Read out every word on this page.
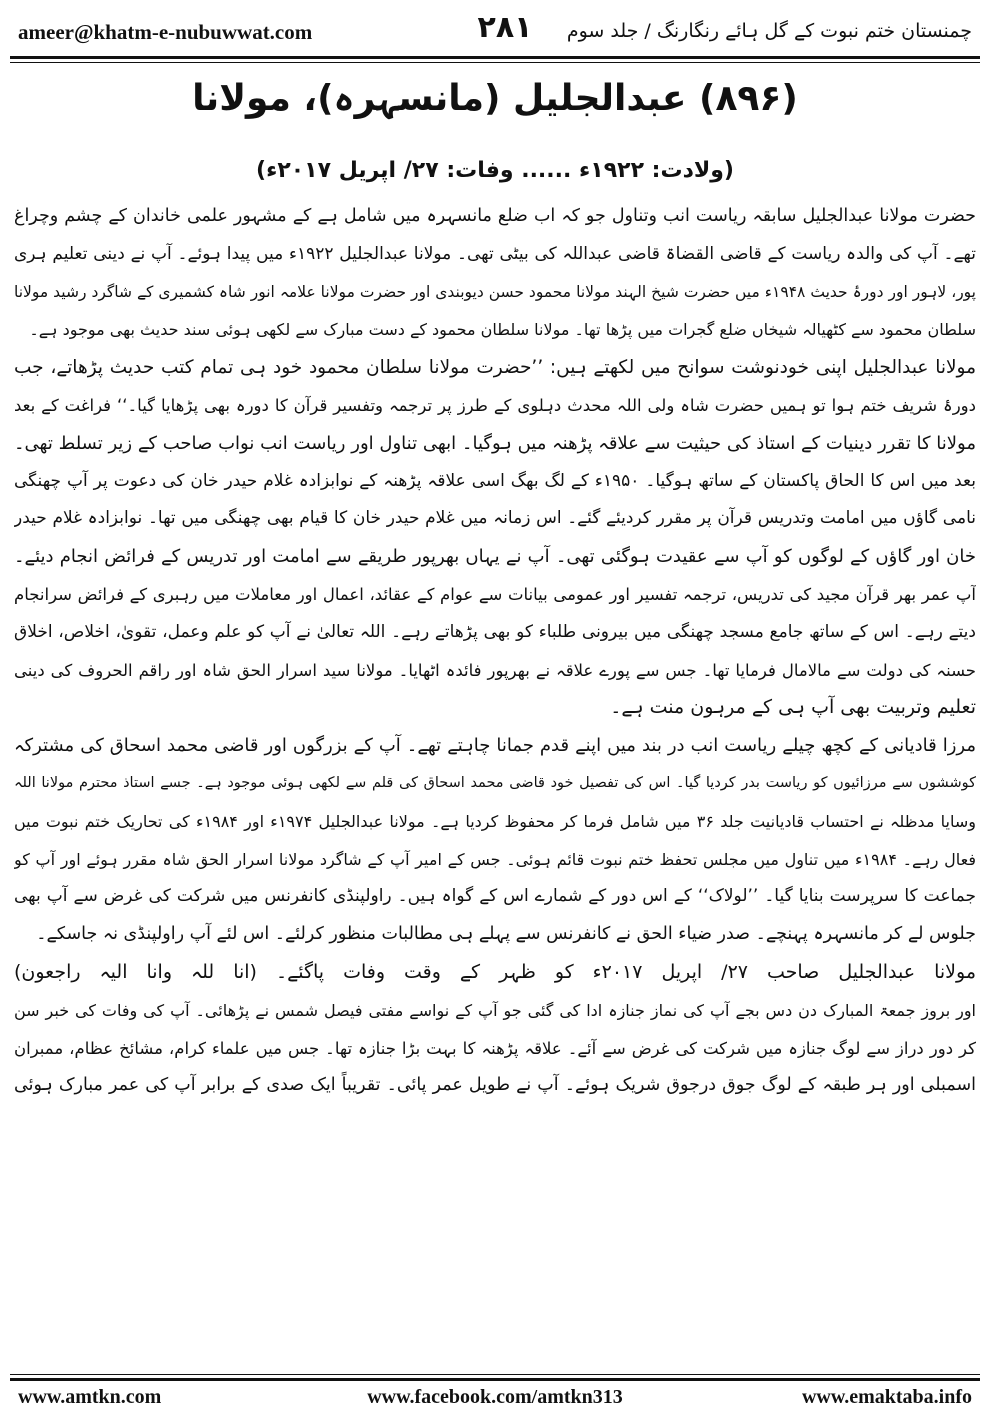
ameer@khatm-e-nubuwwat.com	۲۸۱	چمنستان ختم نبوت کے گل ہائے رنگارنگ / جلد سوم
(۸۹۶) عبدالجلیل (مانسہرہ)، مولانا
(ولادت: ۱۹۲۲ء ...... وفات: ۲۷/ اپریل ۲۰۱۷ء)
حضرت مولانا عبدالجلیل سابقہ ریاست انب وتناول جو کہ اب ضلع مانسہرہ میں شامل ہے کے مشہور علمی خاندان کے چشم وچراغ
تھے۔ آپ کی والدہ ریاست کے قاضی القضاۃ قاضی عبداللہ کی بیٹی تھی۔ مولانا عبدالجلیل ۱۹۲۲ء میں پیدا ہوئے۔ آپ نے دینی تعلیم ہری
پور، لاہور اور دورۂ حدیث ۱۹۴۸ء میں حضرت شیخ الہند مولانا محمود حسن دیوبندی اور حضرت مولانا علامہ انور شاہ کشمیری کے شاگرد رشید مولانا
سلطان محمود سے کٹھیالہ شیخاں ضلع گجرات میں پڑھا تھا۔ مولانا سلطان محمود کے دست مبارک سے لکھی ہوئی سند حدیث بھی موجود ہے۔
مولانا عبدالجلیل اپنی خودنوشت سوانح میں لکھتے ہیں: ’’حضرت مولانا سلطان محمود خود ہی تمام کتب حدیث پڑھاتے، جب
دورۂ شریف ختم ہوا تو ہمیں حضرت شاہ ولی اللہ محدث دہلوی کے طرز پر ترجمہ وتفسیر قرآن کا دورہ بھی پڑھایا گیا۔‘‘ فراغت کے بعد
مولانا کا تقرر دینیات کے استاذ کی حیثیت سے علاقہ پڑھنہ میں ہوگیا۔ ابھی تناول اور ریاست انب نواب صاحب کے زیر تسلط تھی۔
بعد میں اس کا الحاق پاکستان کے ساتھ ہوگیا۔ ۱۹۵۰ء کے لگ بھگ اسی علاقہ پڑھنہ کے نوابزادہ غلام حیدر خان کی دعوت پر آپ چھنگی
نامی گاؤں میں امامت وتدریس قرآن پر مقرر کردیئے گئے۔ اس زمانہ میں غلام حیدر خان کا قیام بھی چھنگی میں تھا۔ نوابزادہ غلام حیدر
خان اور گاؤں کے لوگوں کو آپ سے عقیدت ہوگئی تھی۔ آپ نے یہاں بھرپور طریقے سے امامت اور تدریس کے فرائض انجام دیئے۔
آپ عمر بھر قرآن مجید کی تدریس، ترجمہ تفسیر اور عمومی بیانات سے عوام کے عقائد، اعمال اور معاملات میں رہبری کے فرائض سرانجام
دیتے رہے۔ اس کے ساتھ جامع مسجد چھنگی میں بیرونی طلباء کو بھی پڑھاتے رہے۔ اللہ تعالیٰ نے آپ کو علم وعمل، تقویٰ، اخلاص، اخلاق
حسنہ کی دولت سے مالامال فرمایا تھا۔ جس سے پورے علاقہ نے بھرپور فائدہ اٹھایا۔ مولانا سید اسرار الحق شاہ اور راقم الحروف کی دینی
تعلیم وتربیت بھی آپ ہی کے مرہون منت ہے۔
مرزا قادیانی کے کچھ چیلے ریاست انب در بند میں اپنے قدم جمانا چاہتے تھے۔ آپ کے بزرگوں اور قاضی محمد اسحاق کی مشترکہ
کوششوں سے مرزائیوں کو ریاست بدر کردیا گیا۔ اس کی تفصیل خود قاضی محمد اسحاق کی قلم سے لکھی ہوئی موجود ہے۔ جسے استاذ محترم مولانا اللہ
وسایا مدظلہ نے احتساب قادیانیت جلد ۳۶ میں شامل فرما کر محفوظ کردیا ہے۔ مولانا عبدالجلیل ۱۹۷۴ء اور ۱۹۸۴ء کی تحاریک ختم نبوت میں
فعال رہے۔ ۱۹۸۴ء میں تناول میں مجلس تحفظ ختم نبوت قائم ہوئی۔ جس کے امیر آپ کے شاگرد مولانا اسرار الحق شاہ مقرر ہوئے اور آپ کو
جماعت کا سرپرست بنایا گیا۔ ’’لولاک‘‘ کے اس دور کے شمارے اس کے گواہ ہیں۔ راولپنڈی کانفرنس میں شرکت کی غرض سے آپ بھی
جلوس لے کر مانسہرہ پہنچے۔ صدر ضیاء الحق نے کانفرنس سے پہلے ہی مطالبات منظور کرلئے۔ اس لئے آپ راولپنڈی نہ جاسکے۔
مولانا عبدالجلیل صاحب ۲۷/ اپریل ۲۰۱۷ء کو ظہر کے وقت وفات پاگئے۔ (انا للہ وانا الیہ راجعون)
اور بروز جمعۃ المبارک دن دس بجے آپ کی نماز جنازہ ادا کی گئی جو آپ کے نواسے مفتی فیصل شمس نے پڑھائی۔ آپ کی وفات کی خبر سن
کر دور دراز سے لوگ جنازہ میں شرکت کی غرض سے آئے۔ علاقہ پڑھنہ کا بہت بڑا جنازہ تھا۔ جس میں علماء کرام، مشائخ عظام، ممبران
اسمبلی اور ہر طبقہ کے لوگ جوق درجوق شریک ہوئے۔ آپ نے طویل عمر پائی۔ تقریباً ایک صدی کے برابر آپ کی عمر مبارک ہوئی
www.amtkn.com	www.facebook.com/amtkn313	www.emaktaba.info
